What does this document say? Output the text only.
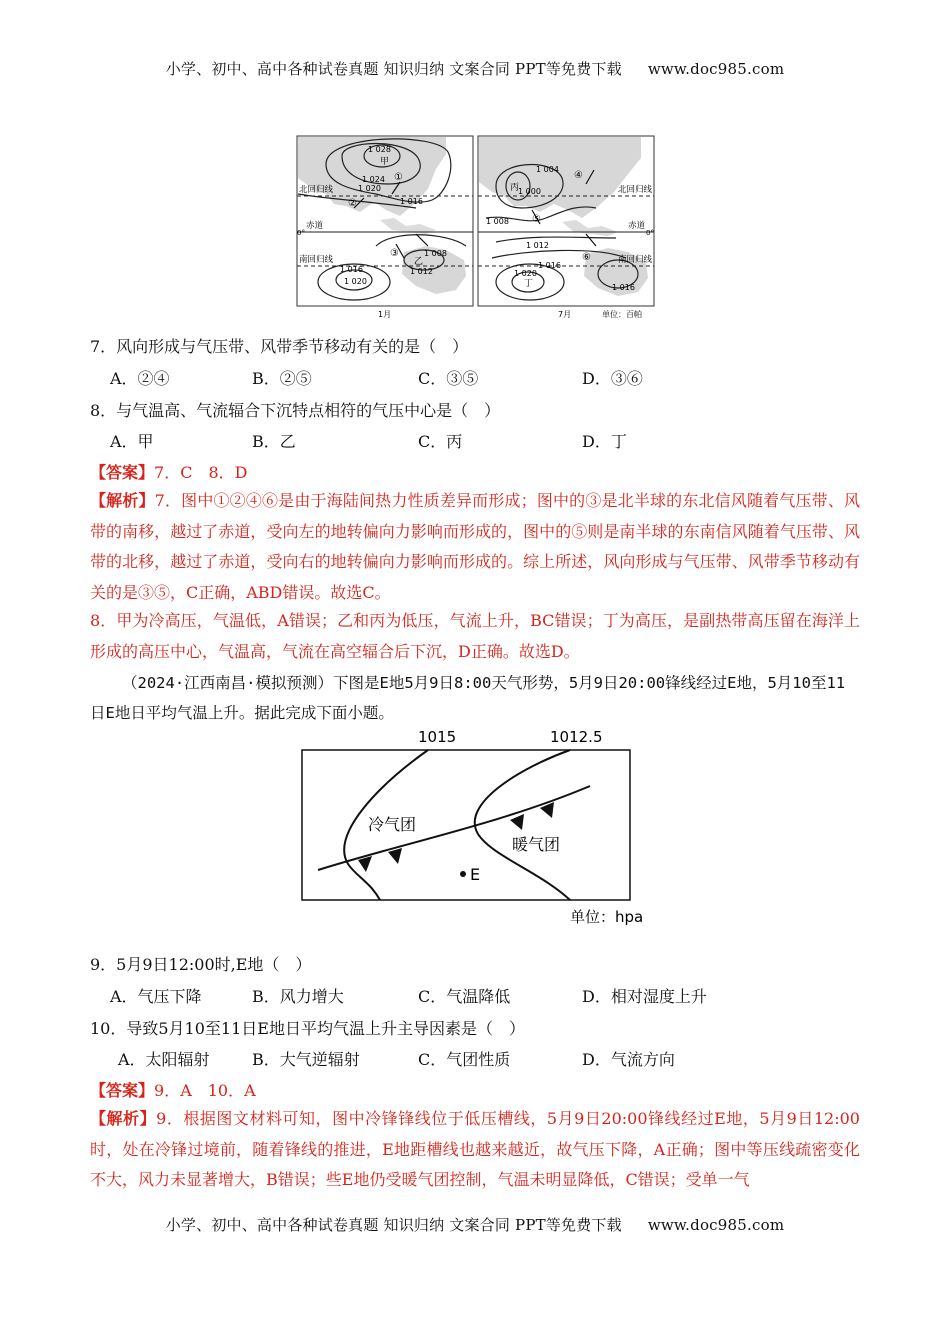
小学、初中、高中各种试卷真题 知识归纳 文案合同 PPT等免费下载 www.doc985.com
北回归线
赤道
0°
南回归线
1 028
甲
1 024
1 020
①
1 016
②
③
乙
1 008
1 012
1 016
1 020
1月
北回归线
赤道
0°
南回归线
1 004
丙
1 000
④
1 008 ⑤
1 012
⑥
1 016
1 020
丁	1 016
7月	单位：百帕
7．风向形成与气压带、风带季节移动有关的是（　）
A．②④	B．②⑤	C．③⑤	D．③⑥
8．与气温高、气流辐合下沉特点相符的气压中心是（　）
A．甲	B．乙	C．丙	D．丁
【答案】7．C　8．D
【解析】7．图中①②④⑥是由于海陆间热力性质差异而形成；图中的③是北半球的东北信风随着气压带、风带的南移，越过了赤道，受向左的地转偏向力影响而形成的，图中的⑤则是南半球的东南信风随着气压带、风带的北移，越过了赤道，受向右的地转偏向力影响而形成的。综上所述，风向形成与气压带、风带季节移动有关的是③⑤，C正确，ABD错误。故选C。
8．甲为冷高压，气温低，A错误；乙和丙为低压，气流上升，BC错误；丁为高压，是副热带高压留在海洋上形成的高压中心，气温高，气流在高空辐合后下沉，D正确。故选D。
（2024·江西南昌·模拟预测）下图是E地5月9日8:00天气形势，5月9日20:00锋线经过E地，5月10至11日E地日平均气温上升。据此完成下面小题。
E
冷气团
暖气团
1015	1012.5
单位：hpa
9．5月9日12:00时,E地（　）
A．气压下降	B．风力增大	C．气温降低	D．相对湿度上升
10．导致5月10至11日E地日平均气温上升主导因素是（　）
A．太阳辐射	B．大气逆辐射	C．气团性质	D．气流方向
【答案】9．A　10．A
【解析】9．根据图文材料可知，图中冷锋锋线位于低压槽线，5月9日20:00锋线经过E地，5月9日12:00时，处在冷锋过境前，随着锋线的推进，E地距槽线也越来越近，故气压下降，A正确；图中等压线疏密变化不大，风力未显著增大，B错误；些E地仍受暖气团控制，气温未明显降低，C错误；受单一气
小学、初中、高中各种试卷真题 知识归纳 文案合同 PPT等免费下载 www.doc985.com
